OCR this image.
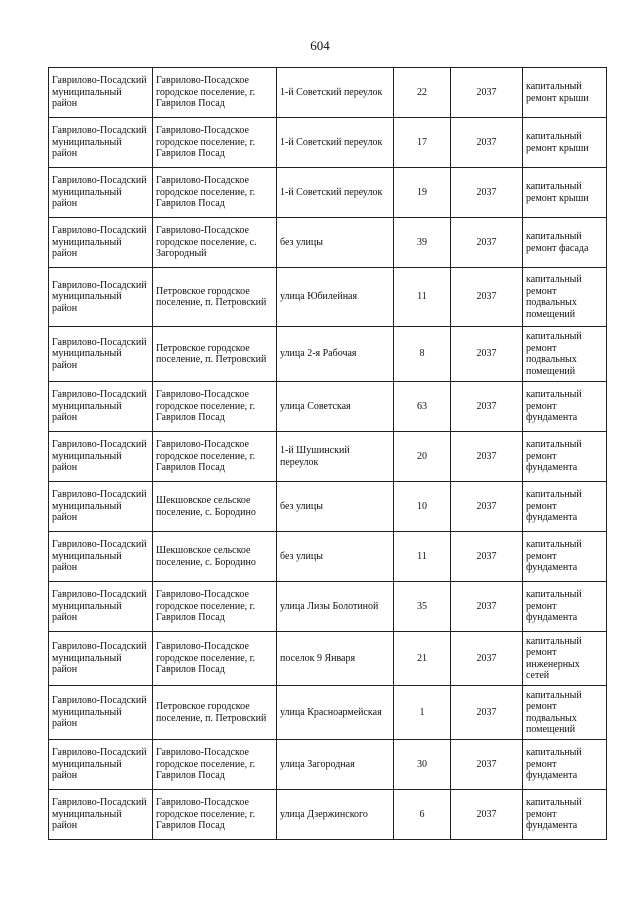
604
Гаврилово-Посадский муниципальный район	Гаврилово-Посадское городское поселение, г. Гаврилов Посад	1-й Советский переулок	22	2037	капитальный ремонт крыши
Гаврилово-Посадский муниципальный район	Гаврилово-Посадское городское поселение, г. Гаврилов Посад	1-й Советский переулок	17	2037	капитальный ремонт крыши
Гаврилово-Посадский муниципальный район	Гаврилово-Посадское городское поселение, г. Гаврилов Посад	1-й Советский переулок	19	2037	капитальный ремонт крыши
Гаврилово-Посадский муниципальный район	Гаврилово-Посадское городское поселение, с. Загородный	без улицы	39	2037	капитальный ремонт фасада
Гаврилово-Посадский муниципальный район	Петровское городское поселение, п. Петровский	улица Юбилейная	11	2037	капитальный ремонт подвальных помещений
Гаврилово-Посадский муниципальный район	Петровское городское поселение, п. Петровский	улица 2-я Рабочая	8	2037	капитальный ремонт подвальных помещений
Гаврилово-Посадский муниципальный район	Гаврилово-Посадское городское поселение, г. Гаврилов Посад	улица Советская	63	2037	капитальный ремонт фундамента
Гаврилово-Посадский муниципальный район	Гаврилово-Посадское городское поселение, г. Гаврилов Посад	1-й Шушинский переулок	20	2037	капитальный ремонт фундамента
Гаврилово-Посадский муниципальный район	Шекшовское сельское поселение, с. Бородино	без улицы	10	2037	капитальный ремонт фундамента
Гаврилово-Посадский муниципальный район	Шекшовское сельское поселение, с. Бородино	без улицы	11	2037	капитальный ремонт фундамента
Гаврилово-Посадский муниципальный район	Гаврилово-Посадское городское поселение, г. Гаврилов Посад	улица Лизы Болотиной	35	2037	капитальный ремонт фундамента
Гаврилово-Посадский муниципальный район	Гаврилово-Посадское городское поселение, г. Гаврилов Посад	поселок 9 Января	21	2037	капитальный ремонт инженерных сетей
Гаврилово-Посадский муниципальный район	Петровское городское поселение, п. Петровский	улица Красноармейская	1	2037	капитальный ремонт подвальных помещений
Гаврилово-Посадский муниципальный район	Гаврилово-Посадское городское поселение, г. Гаврилов Посад	улица Загородная	30	2037	капитальный ремонт фундамента
Гаврилово-Посадский муниципальный район	Гаврилово-Посадское городское поселение, г. Гаврилов Посад	улица Дзержинского	6	2037	капитальный ремонт фундамента
